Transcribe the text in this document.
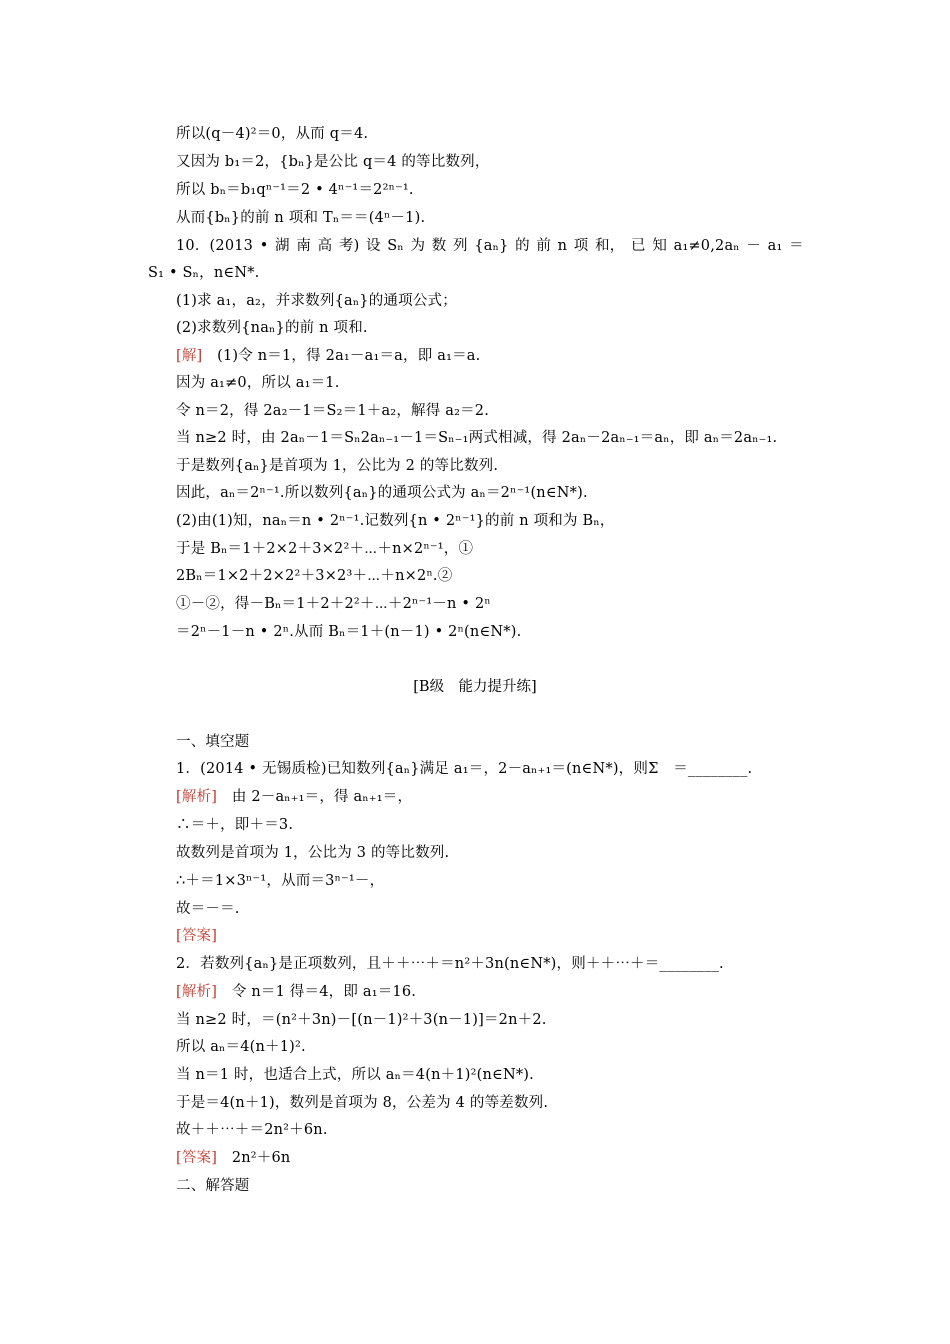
所以(q－4)²＝0，从而 q＝4.
又因为 b₁＝2，{bₙ}是公比 q＝4 的等比数列，
所以 bₙ＝b₁qⁿ⁻¹＝2 • 4ⁿ⁻¹＝2²ⁿ⁻¹.
从而{bₙ}的前 n 项和 Tₙ＝＝(4ⁿ－1).
10．(2013 • 湖 南 高 考) 设 Sₙ 为 数 列 {aₙ} 的 前 n 项 和， 已 知 a₁≠0,2aₙ － a₁ ＝
S₁ • Sₙ，n∈N*.
(1)求 a₁，a₂，并求数列{aₙ}的通项公式；
(2)求数列{naₙ}的前 n 项和.
[解]　 (1)令 n＝1，得 2a₁－a₁＝a，即 a₁＝a.
因为 a₁≠0，所以 a₁＝1.
令 n＝2，得 2a₂－1＝S₂＝1＋a₂，解得 a₂＝2.
当 n≥2 时，由 2aₙ－1＝Sₙ2aₙ₋₁－1＝Sₙ₋₁两式相减，得 2aₙ－2aₙ₋₁＝aₙ，即 aₙ＝2aₙ₋₁.
于是数列{aₙ}是首项为 1，公比为 2 的等比数列.
因此，aₙ＝2ⁿ⁻¹.所以数列{aₙ}的通项公式为 aₙ＝2ⁿ⁻¹(n∈N*).
(2)由(1)知，naₙ＝n • 2ⁿ⁻¹.记数列{n • 2ⁿ⁻¹}的前 n 项和为 Bₙ，
于是 Bₙ＝1＋2×2＋3×2²＋⋯＋n×2ⁿ⁻¹，①
2Bₙ＝1×2＋2×2²＋3×2³＋⋯＋n×2ⁿ.②
①－②，得－Bₙ＝1＋2＋2²＋⋯＋2ⁿ⁻¹－n • 2ⁿ
＝2ⁿ－1－n • 2ⁿ.从而 Bₙ＝1＋(n－1) • 2ⁿ(n∈N*).
[B级　能力提升练]
一、填空题
1．(2014 • 无锡质检)已知数列{aₙ}满足 a₁＝，2－aₙ₊₁＝(n∈N*)，则Σ　＝________.
[解析]　 由 2－aₙ₊₁＝，得 aₙ₊₁＝，
∴＝＋，即＋＝3.
故数列是首项为 1，公比为 3 的等比数列.
∴＋＝1×3ⁿ⁻¹，从而＝3ⁿ⁻¹－，
故＝－＝.
[答案]
2．若数列{aₙ}是正项数列，且＋＋⋯＋＝n²＋3n(n∈N*)，则＋＋⋯＋＝________.
[解析]　 令 n＝1 得＝4，即 a₁＝16.
当 n≥2 时，＝(n²＋3n)－[(n－1)²＋3(n－1)]＝2n＋2.
所以 aₙ＝4(n＋1)².
当 n＝1 时，也适合上式，所以 aₙ＝4(n＋1)²(n∈N*).
于是＝4(n＋1)，数列是首项为 8，公差为 4 的等差数列.
故＋＋⋯＋＝2n²＋6n.
[答案]　 2n²＋6n
二、解答题
